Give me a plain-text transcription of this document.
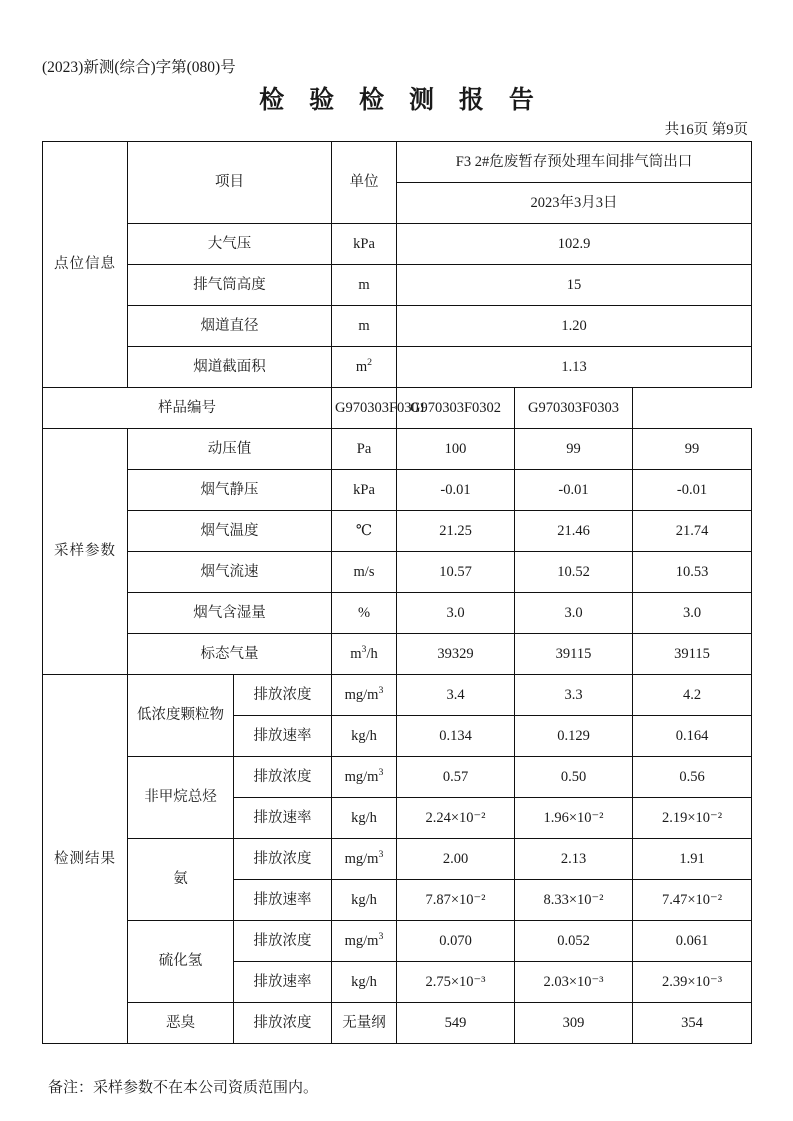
(2023)新测(综合)字第(080)号
检 验 检 测 报 告
共16页 第9页
点位信息	项目		单位	F3 2#危废暂存预处理车间排气筒出口		
				2023年3月3日		
	大气压		kPa	102.9		
	排气筒高度		m	15		
	烟道直径		m	1.20		
	烟道截面积		$m^2$	1.13		
样品编号			G970303F0301	G970303F0302	G970303F0303	
采样参数	动压值		Pa	100	99	99
	烟气静压		kPa	-0.01	-0.01	-0.01
	烟气温度		℃	21.25	21.46	21.74
	烟气流速		m/s	10.57	10.52	10.53
	烟气含湿量		%	3.0	3.0	3.0
	标态气量		$m^3/h$	39329	39115	39115
检测结果	低浓度颗粒物	排放浓度	$mg/m^3$	3.4	3.3	4.2
		排放速率	kg/h	0.134	0.129	0.164
	非甲烷总烃	排放浓度	$mg/m^3$	0.57	0.50	0.56
		排放速率	kg/h	2.24×10⁻²	1.96×10⁻²	2.19×10⁻²
	氨	排放浓度	$mg/m^3$	2.00	2.13	1.91
		排放速率	kg/h	7.87×10⁻²	8.33×10⁻²	7.47×10⁻²
	硫化氢	排放浓度	$mg/m^3$	0.070	0.052	0.061
		排放速率	kg/h	2.75×10⁻³	2.03×10⁻³	2.39×10⁻³
	恶臭	排放浓度	无量纲	549	309	354
备注：采样参数不在本公司资质范围内。
